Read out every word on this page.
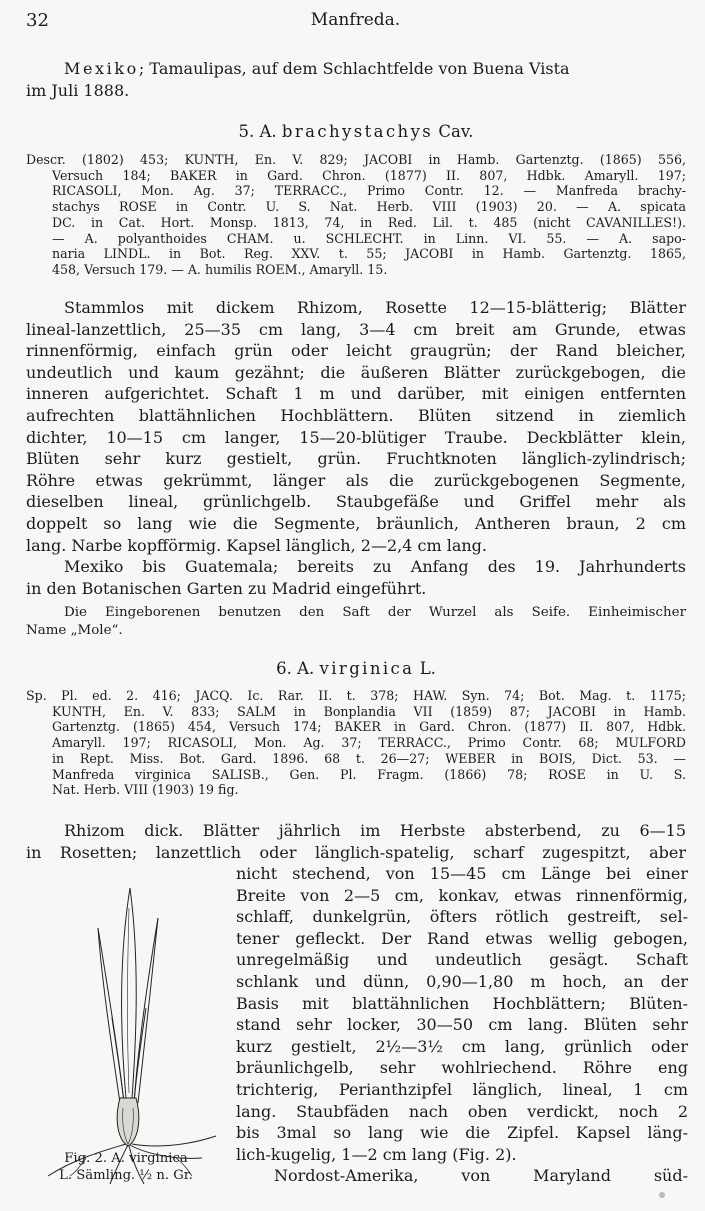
32	Manfreda.

Mexiko; Tamaulipas, auf dem Schlachtfelde von Buena Vista

im Juli 1888.

5. A. brachystachys Cav.

Descr. (1802) 453; KUNTH, En. V. 829; JACOBI in Hamb. Gartenztg. (1865) 556,

Versuch 184; BAKER in Gard. Chron. (1877) II. 807, Hdbk. Amaryll. 197;

RICASOLI, Mon. Ag. 37; TERRACC., Primo Contr. 12. — Manfreda brachy-

stachys ROSE in Contr. U. S. Nat. Herb. VIII (1903) 20. — A. spicata

DC. in Cat. Hort. Monsp. 1813, 74, in Red. Lil. t. 485 (nicht CAVANILLES!).

— A. polyanthoides CHAM. u. SCHLECHT. in Linn. VI. 55. — A. sapo-

naria LINDL. in Bot. Reg. XXV. t. 55; JACOBI in Hamb. Gartenztg. 1865,

458, Versuch 179. — A. humilis ROEM., Amaryll. 15.

Stammlos mit dickem Rhizom, Rosette 12—15-blätterig; Blätter

lineal-lanzettlich, 25—35 cm lang, 3—4 cm breit am Grunde, etwas

rinnenförmig, einfach grün oder leicht graugrün; der Rand bleicher,

undeutlich und kaum gezähnt; die äußeren Blätter zurückgebogen, die

inneren aufgerichtet. Schaft 1 m und darüber, mit einigen entfernten

aufrechten blattähnlichen Hochblättern. Blüten sitzend in ziemlich

dichter, 10—15 cm langer, 15—20-blütiger Traube. Deckblätter klein,

Blüten sehr kurz gestielt, grün. Fruchtknoten länglich-zylindrisch;

Röhre etwas gekrümmt, länger als die zurückgebogenen Segmente,

dieselben lineal, grünlichgelb. Staubgefäße und Griffel mehr als

doppelt so lang wie die Segmente, bräunlich, Antheren braun, 2 cm

lang. Narbe kopfförmig. Kapsel länglich, 2—2,4 cm lang.

Mexiko bis Guatemala; bereits zu Anfang des 19. Jahrhunderts

in den Botanischen Garten zu Madrid eingeführt.

Die Eingeborenen benutzen den Saft der Wurzel als Seife. Einheimischer

Name „Mole“.

6. A. virginica L.

Sp. Pl. ed. 2. 416; JACQ. Ic. Rar. II. t. 378; HAW. Syn. 74; Bot. Mag. t. 1175;

KUNTH, En. V. 833; SALM in Bonplandia VII (1859) 87; JACOBI in Hamb.

Gartenztg. (1865) 454, Versuch 174; BAKER in Gard. Chron. (1877) II. 807, Hdbk.

Amaryll. 197; RICASOLI, Mon. Ag. 37; TERRACC., Primo Contr. 68; MULFORD

in Rept. Miss. Bot. Gard. 1896. 68 t. 26—27; WEBER in BOIS, Dict. 53. —

Manfreda virginica SALISB., Gen. Pl. Fragm. (1866) 78; ROSE in U. S.

Nat. Herb. VIII (1903) 19 fig.

Rhizom dick. Blätter jährlich im Herbste absterbend, zu 6—15

in Rosetten; lanzettlich oder länglich-spatelig, scharf zugespitzt, aber

nicht stechend, von 15—45 cm Länge bei einer

Breite von 2—5 cm, konkav, etwas rinnenförmig,

schlaff, dunkelgrün, öfters rötlich gestreift, sel-

tener gefleckt. Der Rand etwas wellig gebogen,

unregelmäßig und undeutlich gesägt. Schaft

schlank und dünn, 0,90—1,80 m hoch, an der

Basis mit blattähnlichen Hochblättern; Blüten-

stand sehr locker, 30—50 cm lang. Blüten sehr

kurz gestielt, 2½—3½ cm lang, grünlich oder

bräunlichgelb, sehr wohlriechend. Röhre eng

trichterig, Perianthzipfel länglich, lineal, 1 cm

lang. Staubfäden nach oben verdickt, noch 2

bis 3mal so lang wie die Zipfel. Kapsel läng-

lich-kugelig, 1—2 cm lang (Fig. 2).

Nordost-Amerika, von Maryland süd-

Fig. 2. A. virginica
L. Sämling. ½ n. Gr.
